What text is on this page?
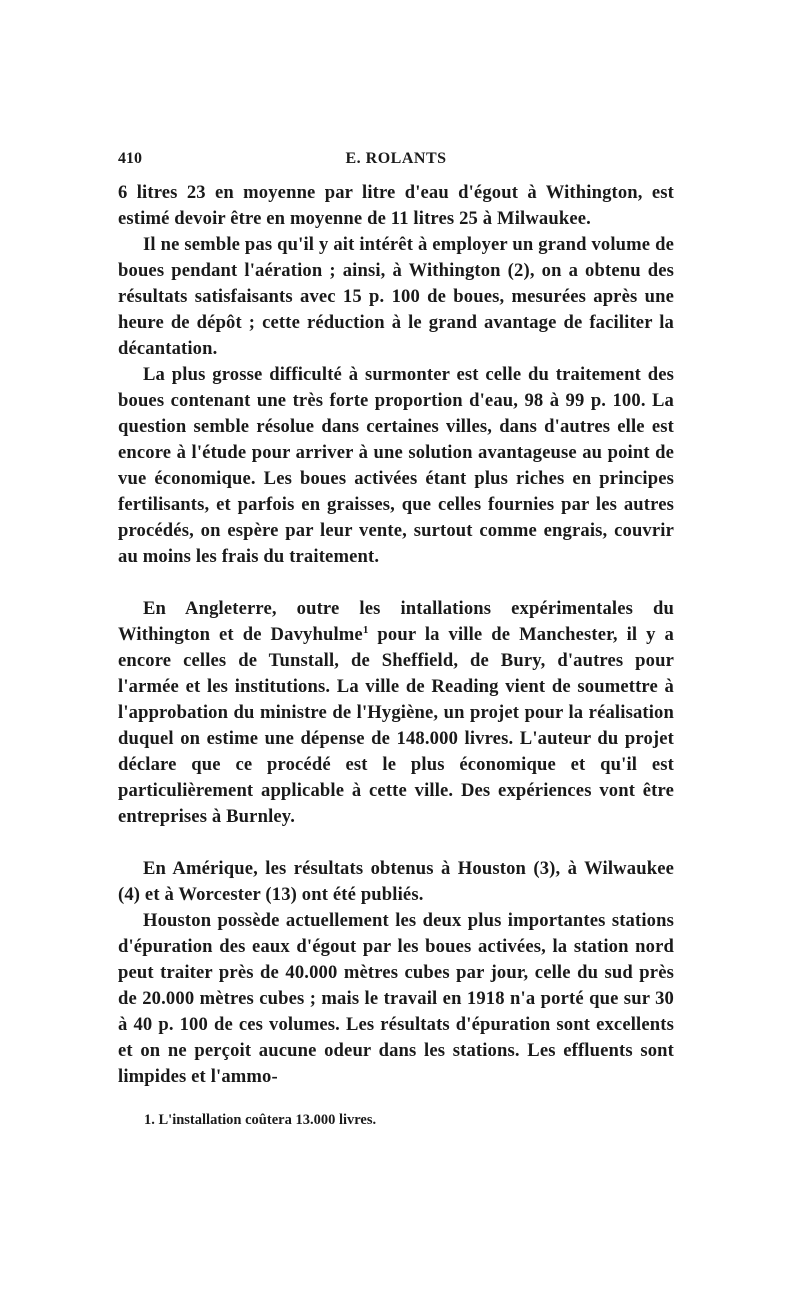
410	E. ROLANTS

6 litres 23 en moyenne par litre d'eau d'égout à Withington, est estimé devoir être en moyenne de 11 litres 25 à Milwaukee.

Il ne semble pas qu'il y ait intérêt à employer un grand volume de boues pendant l'aération ; ainsi, à Withington (2), on a obtenu des résultats satisfaisants avec 15 p. 100 de boues, mesurées après une heure de dépôt ; cette réduction à le grand avantage de faciliter la décantation.

La plus grosse difficulté à surmonter est celle du traitement des boues contenant une très forte proportion d'eau, 98 à 99 p. 100. La question semble résolue dans certaines villes, dans d'autres elle est encore à l'étude pour arriver à une solution avantageuse au point de vue économique. Les boues activées étant plus riches en principes fertilisants, et parfois en graisses, que celles fournies par les autres procédés, on espère par leur vente, surtout comme engrais, couvrir au moins les frais du traitement.

En Angleterre, outre les intallations expérimentales du Withington et de Davyhulme$^1$ pour la ville de Manchester, il y a encore celles de Tunstall, de Sheffield, de Bury, d'autres pour l'armée et les institutions. La ville de Reading vient de soumettre à l'approbation du ministre de l'Hygiène, un projet pour la réalisation duquel on estime une dépense de 148.000 livres. L'auteur du projet déclare que ce procédé est le plus économique et qu'il est particulièrement applicable à cette ville. Des expériences vont être entreprises à Burnley.

En Amérique, les résultats obtenus à Houston (3), à Wilwaukee (4) et à Worcester (13) ont été publiés.

Houston possède actuellement les deux plus importantes stations d'épuration des eaux d'égout par les boues activées, la station nord peut traiter près de 40.000 mètres cubes par jour, celle du sud près de 20.000 mètres cubes ; mais le travail en 1918 n'a porté que sur 30 à 40 p. 100 de ces volumes. Les résultats d'épuration sont excellents et on ne perçoit aucune odeur dans les stations. Les effluents sont limpides et l'ammo-

1. L'installation coûtera 13.000 livres.
